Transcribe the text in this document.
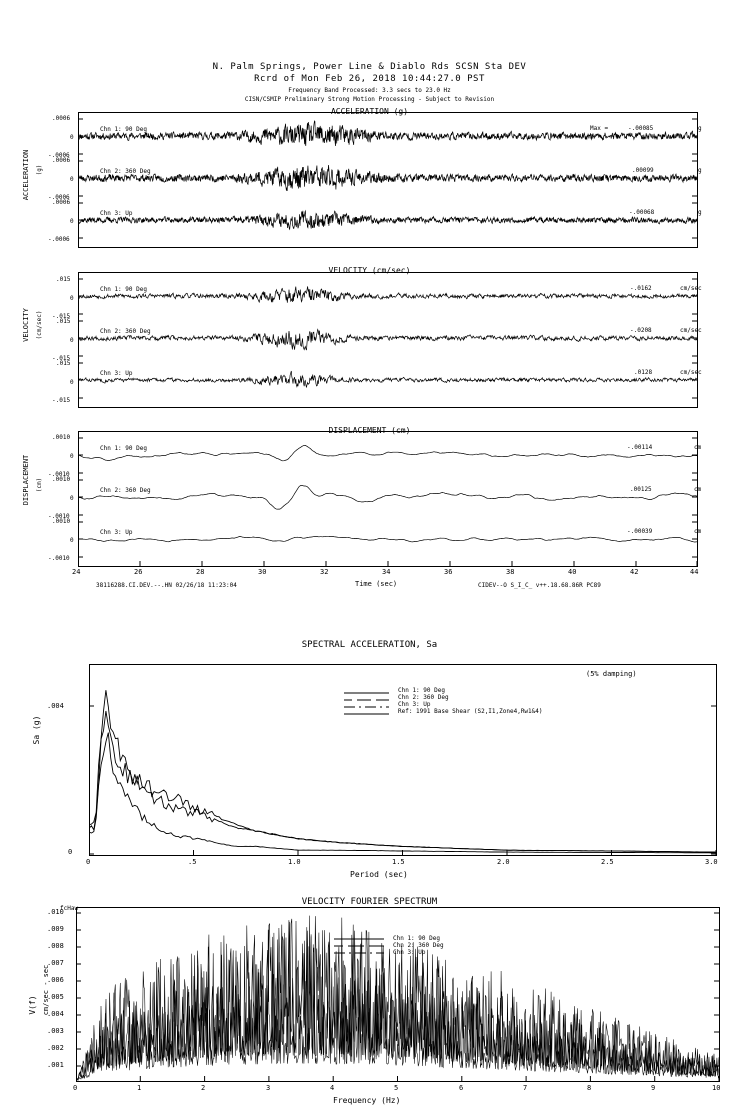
N. Palm Springs, Power Line & Diablo Rds SCSN Sta DEV
Rcrd of Mon Feb 26, 2018 10:44:27.0 PST
Frequency Band Processed: 3.3 secs to 23.0 Hz
CISN/CSMIP Preliminary Strong Motion Processing - Subject to Revision
ACCELERATION (g)
ACCELERATION (g)
.0006
0
-.0006
.0006
0
-.0006
.0006
0
-.0006
Chn 1: 90 Deg
Chn 2: 360 Deg
Chn 3: Up
Max =	-.00085	g
.00099	g
-.00068	g
VELOCITY (cm/sec)
VELOCITY (cm/sec)
.015
0
-.015
.015
0
-.015
.015
0
-.015
Chn 1: 90 Deg
Chn 2: 360 Deg
Chn 3: Up
-.0162	cm/sec
-.0208	cm/sec
.0128	cm/sec
DISPLACEMENT (cm)
DISPLACEMENT (cm)
.0010
0
-.0010
.0010
0
-.0010
.0010
0
-.0010
Chn 1: 90 Deg
Chn 2: 360 Deg
Chn 3: Up
-.00114	cm
.00125	cm
-.00039	cm
24	26	28	30	32	34	36	38	40	42	44
Time (sec)
38116288.CI.DEV.--.HN 02/26/18 11:23:04	CIDEV--O S_I_C_ v++.18.68.86R PC89
SPECTRAL ACCELERATION, Sa
(5% damping)
Sa (g)
.004
0
Chn 1: 90 Deg
Chn 2: 360 Deg
Chn 3: Up
Ref: 1991 Base Shear (S2,I1,Zone4,Rw1&4)
0	.5	1.0	1.5	2.0	2.5	3.0
Period (sec)
VELOCITY FOURIER SPECTRUM
V(f) cm/sec - sec
fcHaw
.010
.009
.008
.007
.006
.005
.004
.003
.002
.001
Chn 1: 90 Deg
Chn 2: 360 Deg
Chn 3: Up
0	1	2	3	4	5	6	7	8	9	10
Frequency (Hz)
